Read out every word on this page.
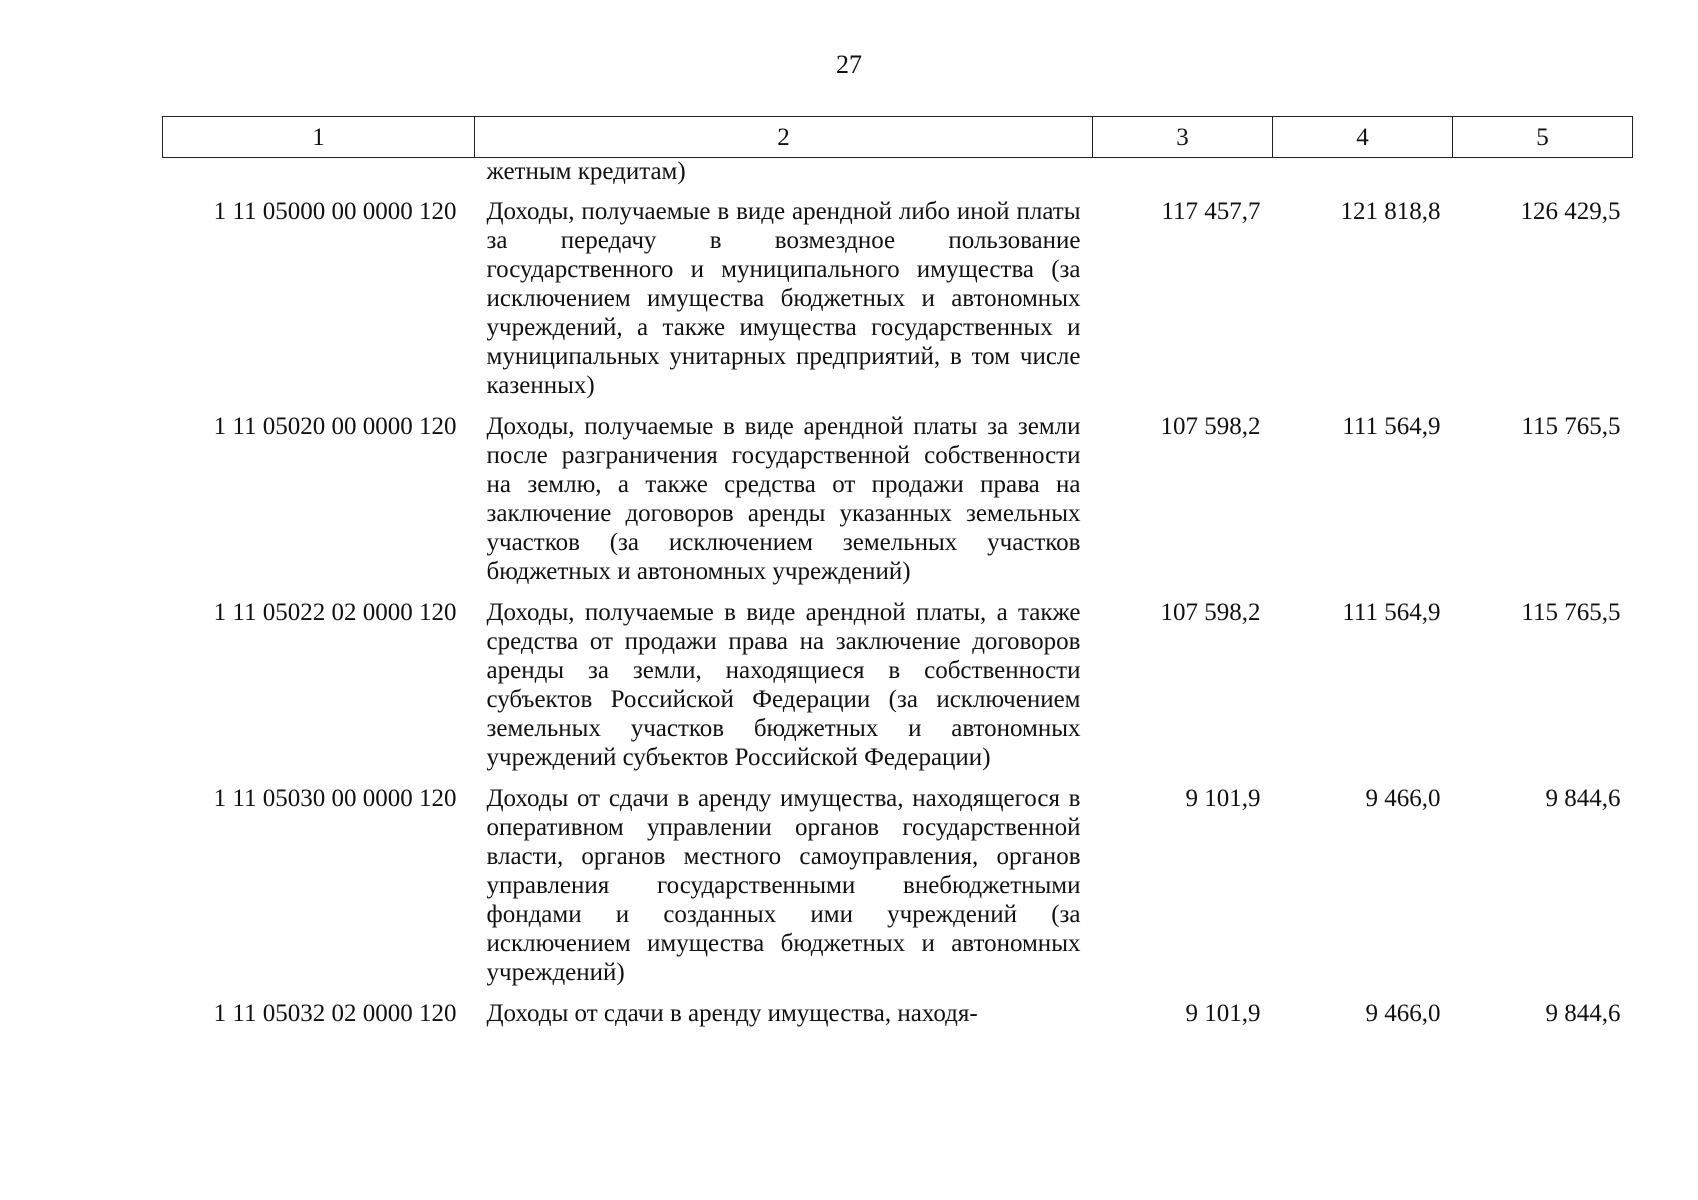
27
1	2	3	4	5
	жетным кредитам)			
1 11 05000 00 0000 120	Доходы, получаемые в виде арендной либо иной платы за передачу в возмездное пользование государственного и муниципального имущества (за исключением имущества бюджетных и автономных учреждений, а также имущества государственных и муниципальных унитарных предприятий, в том числе казенных)	117 457,7	121 818,8	126 429,5
1 11 05020 00 0000 120	Доходы, получаемые в виде арендной платы за земли после разграничения государственной собственности на землю, а также средства от продажи права на заключение договоров аренды указанных земельных участков (за исключением земельных участков бюджетных и автономных учреждений)	107 598,2	111 564,9	115 765,5
1 11 05022 02 0000 120	Доходы, получаемые в виде арендной платы, а также средства от продажи права на заключение договоров аренды за земли, находящиеся в собственности субъектов Российской Федерации (за исключением земельных участков бюджетных и автономных учреждений субъектов Российской Федерации)	107 598,2	111 564,9	115 765,5
1 11 05030 00 0000 120	Доходы от сдачи в аренду имущества, находящегося в оперативном управлении органов государственной власти, органов местного самоуправления, органов управления государственными внебюджетными фондами и созданных ими учреждений (за исключением имущества бюджетных и автономных учреждений)	9 101,9	9 466,0	9 844,6
1 11 05032 02 0000 120	Доходы от сдачи в аренду имущества, находя-	9 101,9	9 466,0	9 844,6
